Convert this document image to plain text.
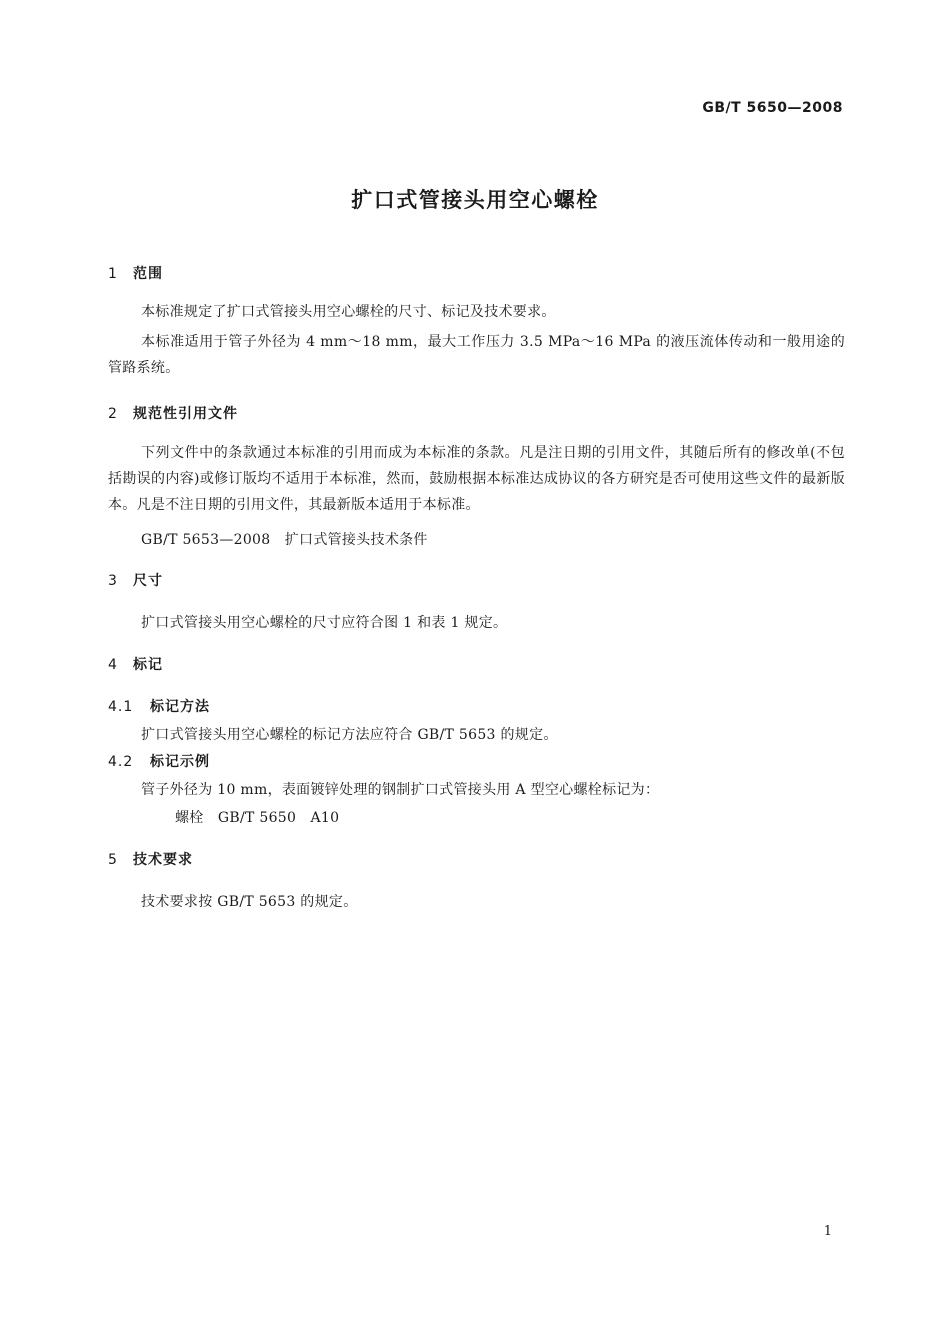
GB/T 5650—2008
扩口式管接头用空心螺栓
1 范围

本标准规定了扩口式管接头用空心螺栓的尺寸、标记及技术要求。

本标准适用于管子外径为 4 mm～18 mm，最大工作压力 3.5 MPa～16 MPa 的液压流体传动和一般用途的管路系统。

2 规范性引用文件

下列文件中的条款通过本标准的引用而成为本标准的条款。凡是注日期的引用文件，其随后所有的修改单(不包括勘误的内容)或修订版均不适用于本标准，然而，鼓励根据本标准达成协议的各方研究是否可使用这些文件的最新版本。凡是不注日期的引用文件，其最新版本适用于本标准。

GB/T 5653—2008　扩口式管接头技术条件
3 尺寸
扩口式管接头用空心螺栓的尺寸应符合图 1 和表 1 规定。
4 标记
4.1 标记方法
扩口式管接头用空心螺栓的标记方法应符合 GB/T 5653 的规定。
4.2 标记示例
管子外径为 10 mm，表面镀锌处理的钢制扩口式管接头用 A 型空心螺栓标记为：
螺栓　GB/T 5650　A10
5 技术要求
技术要求按 GB/T 5653 的规定。
1
